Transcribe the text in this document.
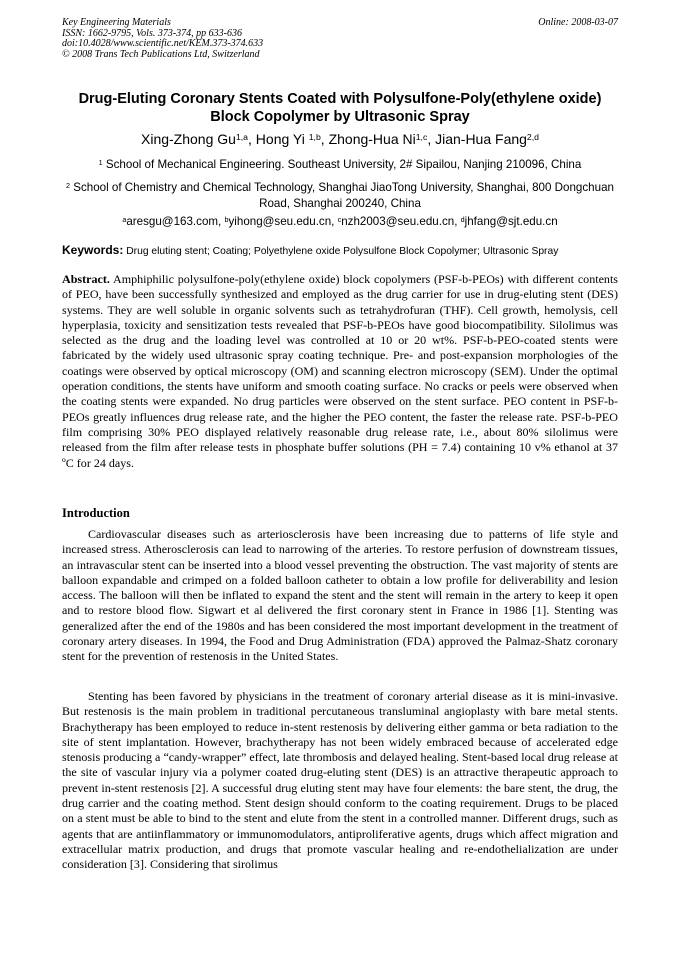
Key Engineering Materials
ISSN: 1662-9795, Vols. 373-374, pp 633-636
doi:10.4028/www.scientific.net/KEM.373-374.633
© 2008 Trans Tech Publications Ltd, Switzerland
Online: 2008-03-07
Drug-Eluting Coronary Stents Coated with Polysulfone-Poly(ethylene oxide) Block Copolymer by Ultrasonic Spray
Xing-Zhong Gu$^{1,a}$, Hong Yi $^{1,b}$, Zhong-Hua Ni$^{1,c}$, Jian-Hua Fang$^{2,d}$
$^1$ School of Mechanical Engineering. Southeast University, 2# Sipailou, Nanjing 210096, China
$^2$ School of Chemistry and Chemical Technology, Shanghai JiaoTong University, Shanghai, 800 Dongchuan Road, Shanghai 200240, China
$^a$aresgu@163.com, $^b$yihong@seu.edu.cn, $^c$nzh2003@seu.edu.cn, $^d$jhfang@sjt.edu.cn
Keywords: Drug eluting stent; Coating; Polyethylene oxide Polysulfone Block Copolymer; Ultrasonic Spray
Abstract. Amphiphilic polysulfone-poly(ethylene oxide) block copolymers (PSF-b-PEOs) with different contents of PEO, have been successfully synthesized and employed as the drug carrier for use in drug-eluting stent (DES) systems. They are well soluble in organic solvents such as tetrahydrofuran (THF). Cell growth, hemolysis, cell hyperplasia, toxicity and sensitization tests revealed that PSF-b-PEOs have good biocompatibility. Silolimus was selected as the drug and the loading level was controlled at 10 or 20 wt%. PSF-b-PEO-coated stents were fabricated by the widely used ultrasonic spray coating technique. Pre- and post-expansion morphologies of the coatings were observed by optical microscopy (OM) and scanning electron microscopy (SEM). Under the optimal operation conditions, the stents have uniform and smooth coating surface. No cracks or peels were observed when the coating stents were expanded. No drug particles were observed on the stent surface. PEO content in PSF-b-PEOs greatly influences drug release rate, and the higher the PEO content, the faster the release rate. PSF-b-PEO film comprising 30% PEO displayed relatively reasonable drug release rate, i.e., about 80% silolimus were released from the film after release tests in phosphate buffer solutions (PH = 7.4) containing 10 v% ethanol at 37 ºC for 24 days.
Introduction
Cardiovascular diseases such as arteriosclerosis have been increasing due to patterns of life style and increased stress. Atherosclerosis can lead to narrowing of the arteries. To restore perfusion of downstream tissues, an intravascular stent can be inserted into a blood vessel preventing the obstruction. The vast majority of stents are balloon expandable and crimped on a folded balloon catheter to obtain a low profile for deliverability and lesion access. The balloon will then be inflated to expand the stent and the stent will remain in the artery to keep it open and to restore blood flow. Sigwart et al delivered the first coronary stent in France in 1986 [1]. Stenting was generalized after the end of the 1980s and has been considered the most important development in the treatment of coronary artery diseases. In 1994, the Food and Drug Administration (FDA) approved the Palmaz-Shatz coronary stent for the prevention of restenosis in the United States.
Stenting has been favored by physicians in the treatment of coronary arterial disease as it is mini-invasive. But restenosis is the main problem in traditional percutaneous transluminal angioplasty with bare metal stents. Brachytherapy has been employed to reduce in-stent restenosis by delivering either gamma or beta radiation to the site of stent implantation. However, brachytherapy has not been widely embraced because of accelerated edge stenosis producing a “candy-wrapper” effect, late thrombosis and delayed healing. Stent-based local drug release at the site of vascular injury via a polymer coated drug-eluting stent (DES) is an attractive therapeutic approach to prevent in-stent restenosis [2]. A successful drug eluting stent may have four elements: the bare stent, the drug, the drug carrier and the coating method. Stent design should conform to the coating requirement. Drugs to be placed on a stent must be able to bind to the stent and elute from the stent in a controlled manner. Different drugs, such as agents that are antiinflammatory or immunomodulators, antiproliferative agents, drugs which affect migration and extracellular matrix production, and drugs that promote vascular healing and re-endothelialization are under consideration [3]. Considering that sirolimus
